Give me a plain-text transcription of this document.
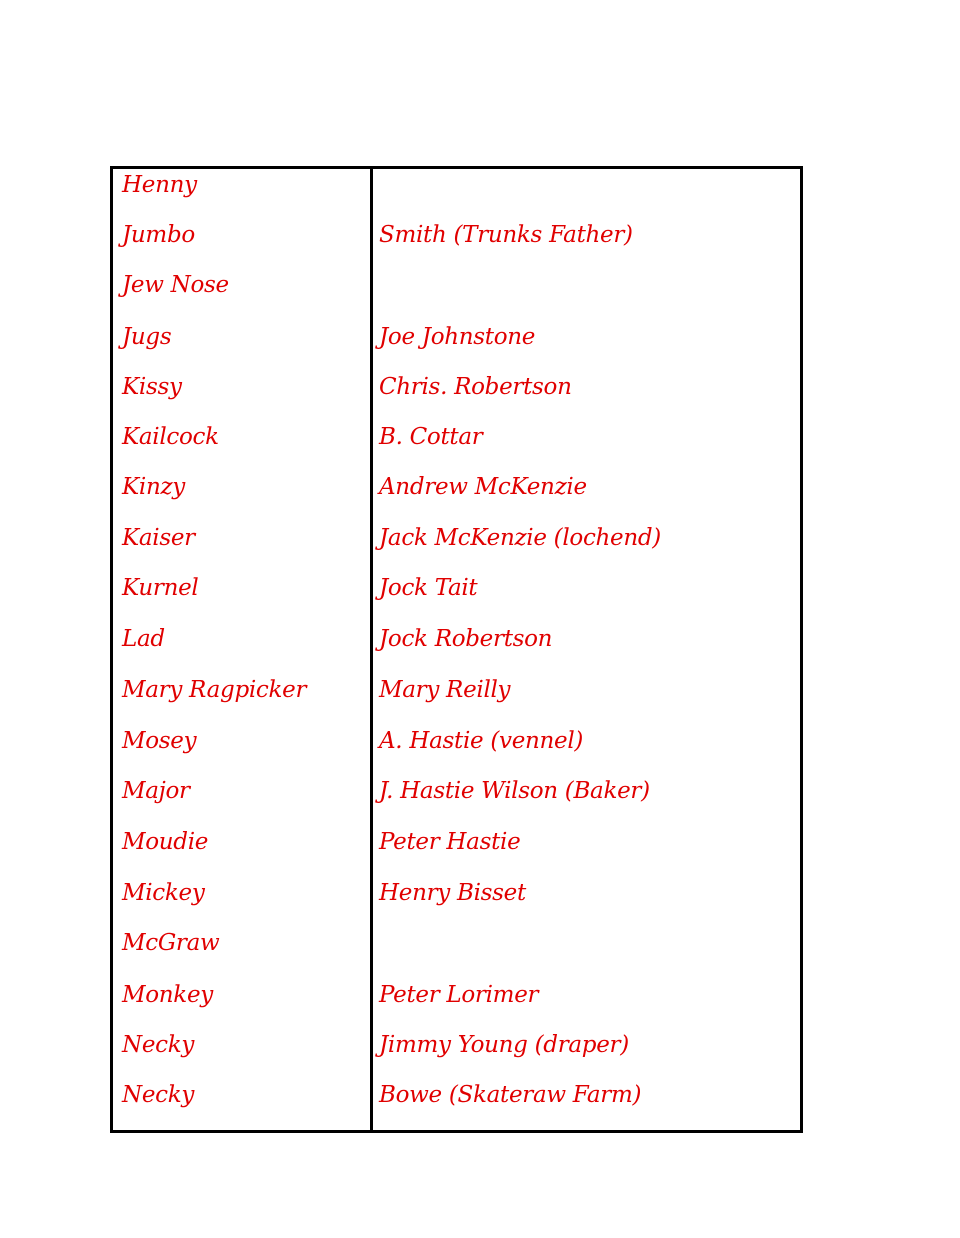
Henny
Jumbo	Smith (Trunks Father)
Jew Nose
Jugs	Joe Johnstone
Kissy	Chris. Robertson
Kailcock	B. Cottar
Kinzy	Andrew McKenzie
Kaiser	Jack McKenzie (lochend)
Kurnel	Jock Tait
Lad	Jock Robertson
Mary Ragpicker	Mary Reilly
Mosey	A. Hastie (vennel)
Major	J. Hastie Wilson (Baker)
Moudie	Peter Hastie
Mickey	Henry Bisset
McGraw
Monkey	Peter Lorimer
Necky	Jimmy Young (draper)
Necky	Bowe (Skateraw Farm)
